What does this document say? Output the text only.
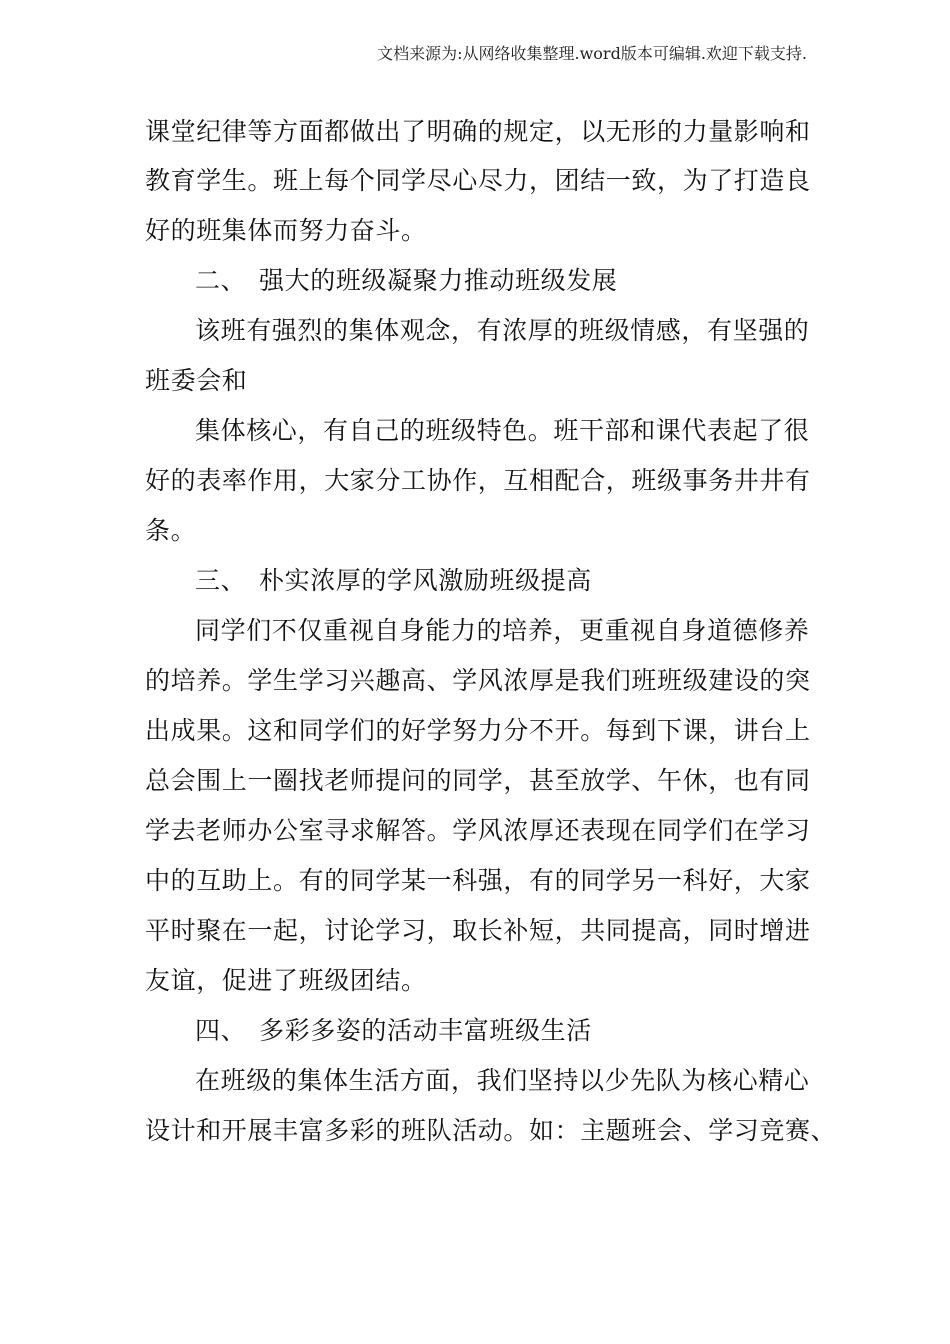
文档来源为:从网络收集整理.word版本可编辑.欢迎下载支持.
课堂纪律等方面都做出了明确的规定，以无形的力量影响和
教育学生。班上每个同学尽心尽力，团结一致，为了打造良
好的班集体而努力奋斗。
二、 强大的班级凝聚力推动班级发展
该班有强烈的集体观念，有浓厚的班级情感，有坚强的
班委会和
集体核心，有自己的班级特色。班干部和课代表起了很
好的表率作用，大家分工协作，互相配合，班级事务井井有
条。
三、 朴实浓厚的学风激励班级提高
同学们不仅重视自身能力的培养，更重视自身道德修养
的培养。学生学习兴趣高、学风浓厚是我们班班级建设的突
出成果。这和同学们的好学努力分不开。每到下课，讲台上
总会围上一圈找老师提问的同学，甚至放学、午休，也有同
学去老师办公室寻求解答。学风浓厚还表现在同学们在学习
中的互助上。有的同学某一科强，有的同学另一科好，大家
平时聚在一起，讨论学习，取长补短，共同提高，同时增进
友谊，促进了班级团结。
四、 多彩多姿的活动丰富班级生活
在班级的集体生活方面，我们坚持以少先队为核心精心
设计和开展丰富多彩的班队活动。如：主题班会、学习竞赛、
